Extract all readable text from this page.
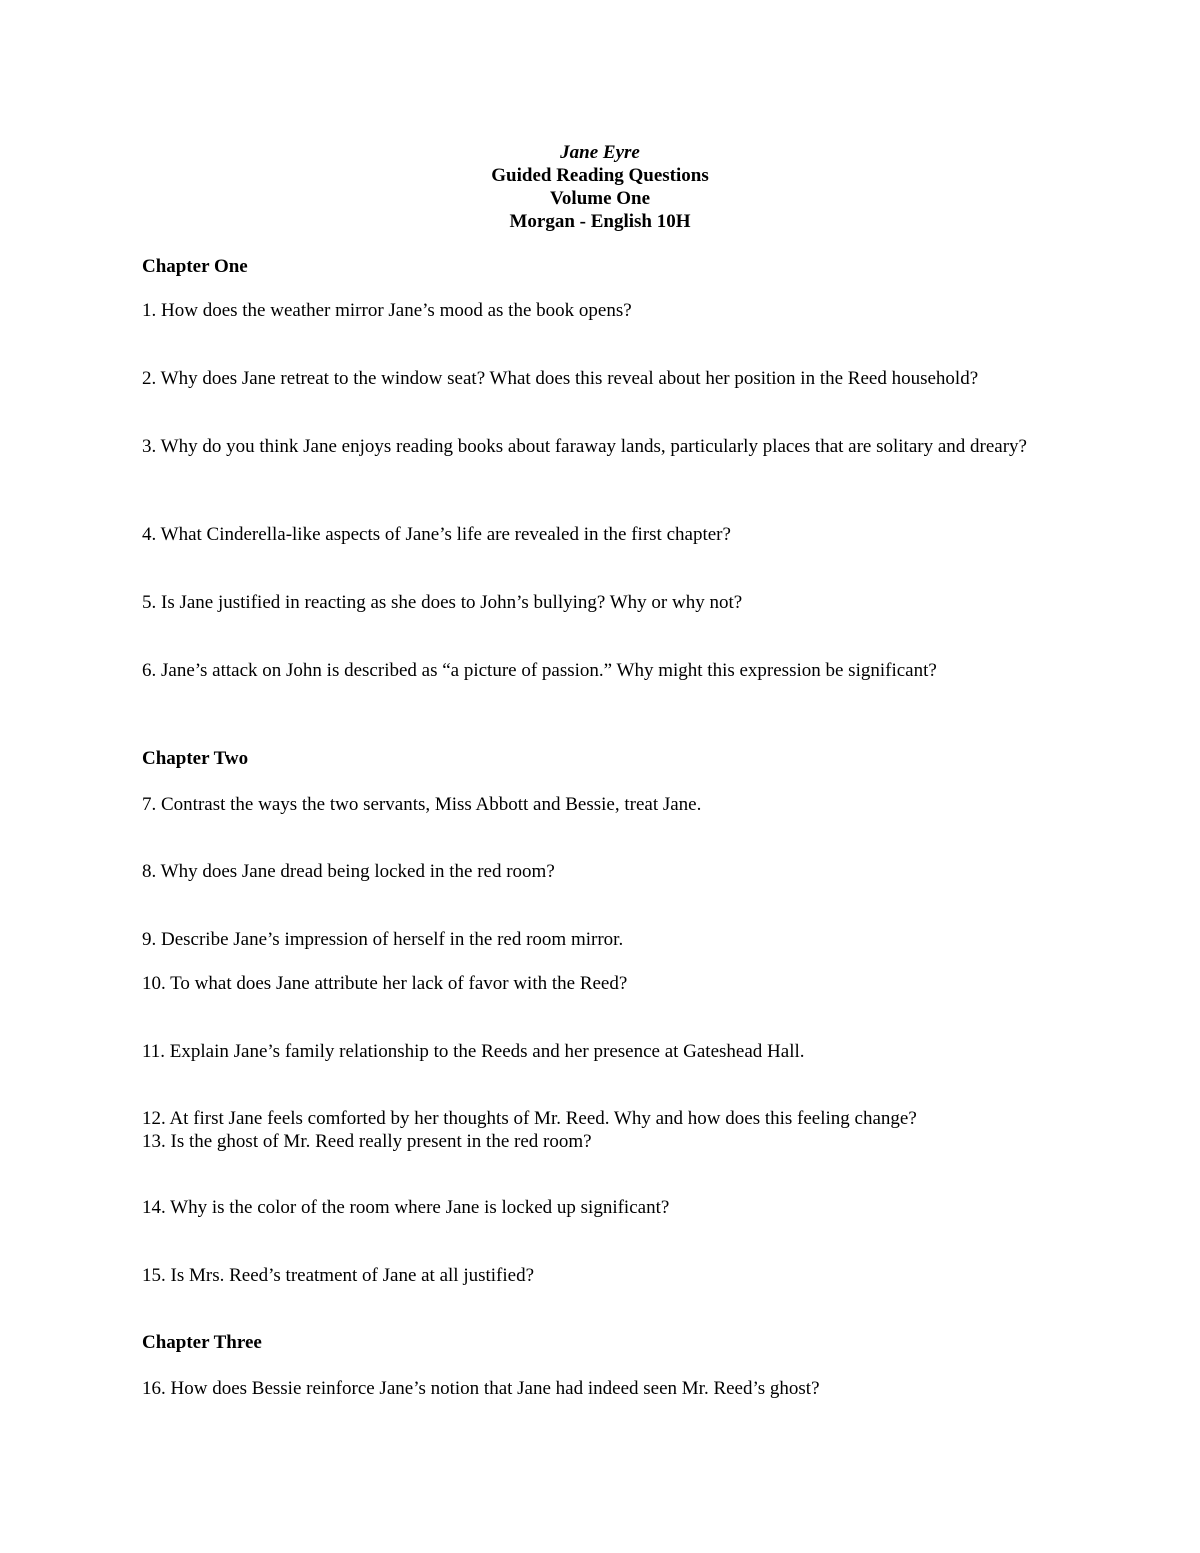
Jane Eyre
Guided Reading Questions
Volume One
Morgan - English 10H
Chapter One
1. How does the weather mirror Jane’s mood as the book opens?
2. Why does Jane retreat to the window seat? What does this reveal about her position in the Reed household?
3. Why do you think Jane enjoys reading books about faraway lands, particularly places that are solitary and dreary?
4. What Cinderella-like aspects of Jane’s life are revealed in the first chapter?
5. Is Jane justified in reacting as she does to John’s bullying? Why or why not?
6. Jane’s attack on John is described as “a picture of passion.” Why might this expression be significant?
Chapter Two
7. Contrast the ways the two servants, Miss Abbott and Bessie, treat Jane.
8. Why does Jane dread being locked in the red room?
9. Describe Jane’s impression of herself in the red room mirror.
10. To what does Jane attribute her lack of favor with the Reed?
11. Explain Jane’s family relationship to the Reeds and her presence at Gateshead Hall.
12. At first Jane feels comforted by her thoughts of Mr. Reed. Why and how does this feeling change?
13. Is the ghost of Mr. Reed really present in the red room?
14. Why is the color of the room where Jane is locked up significant?
15. Is Mrs. Reed’s treatment of Jane at all justified?
Chapter Three
16. How does Bessie reinforce Jane’s notion that Jane had indeed seen Mr. Reed’s ghost?
